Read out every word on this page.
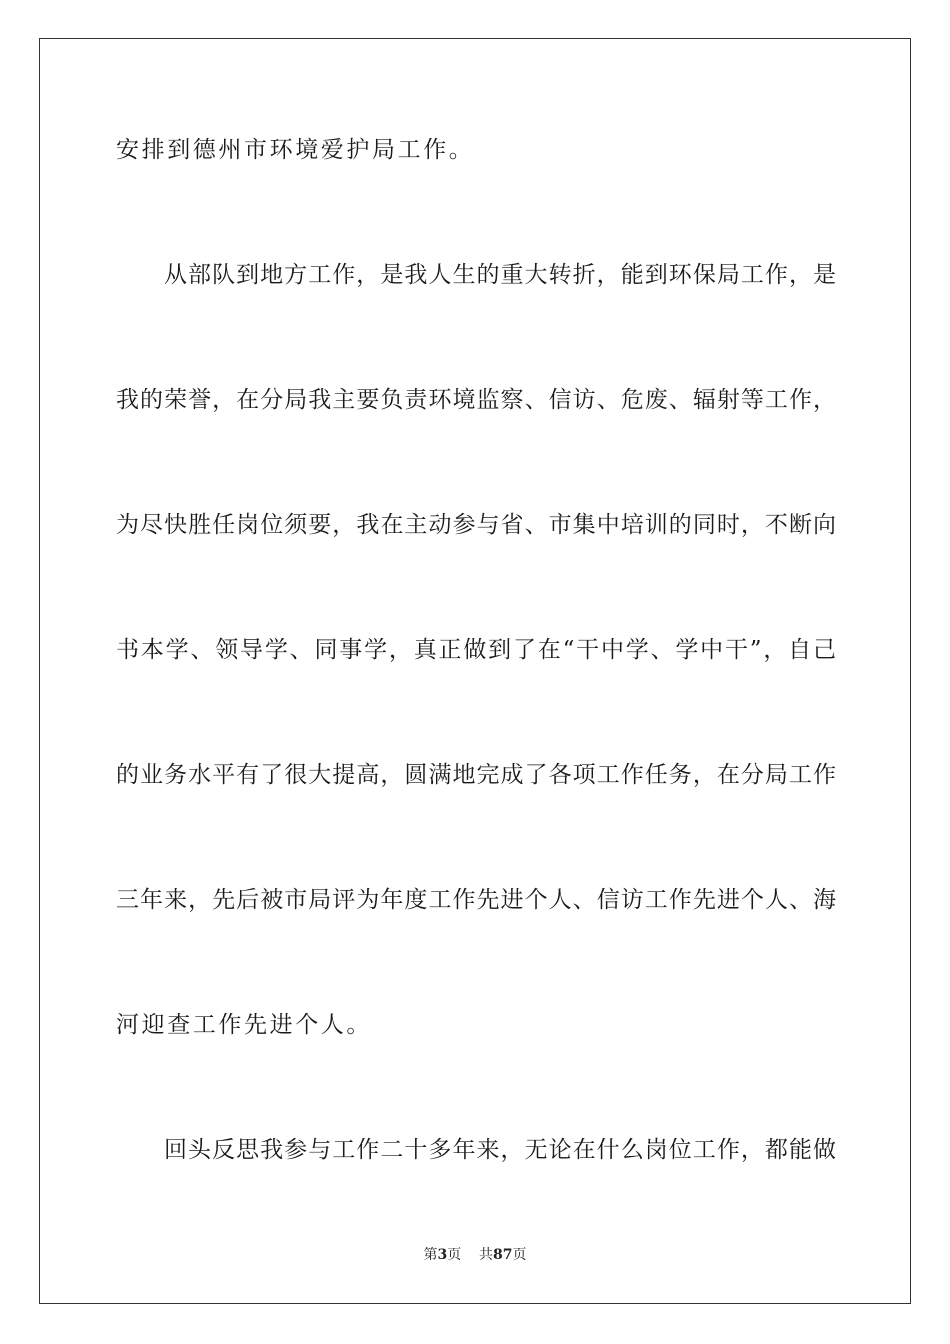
安排到德州市环境爱护局工作。
从部队到地方工作，是我人生的重大转折，能到环保局工作，是
我的荣誉，在分局我主要负责环境监察、信访、危废、辐射等工作，
为尽快胜任岗位须要，我在主动参与省、市集中培训的同时，不断向
书本学、领导学、同事学，真正做到了在“干中学、学中干”，自己
的业务水平有了很大提高，圆满地完成了各项工作任务，在分局工作
三年来，先后被市局评为年度工作先进个人、信访工作先进个人、海
河迎查工作先进个人。
回头反思我参与工作二十多年来，无论在什么岗位工作，都能做
第3页 共87页
